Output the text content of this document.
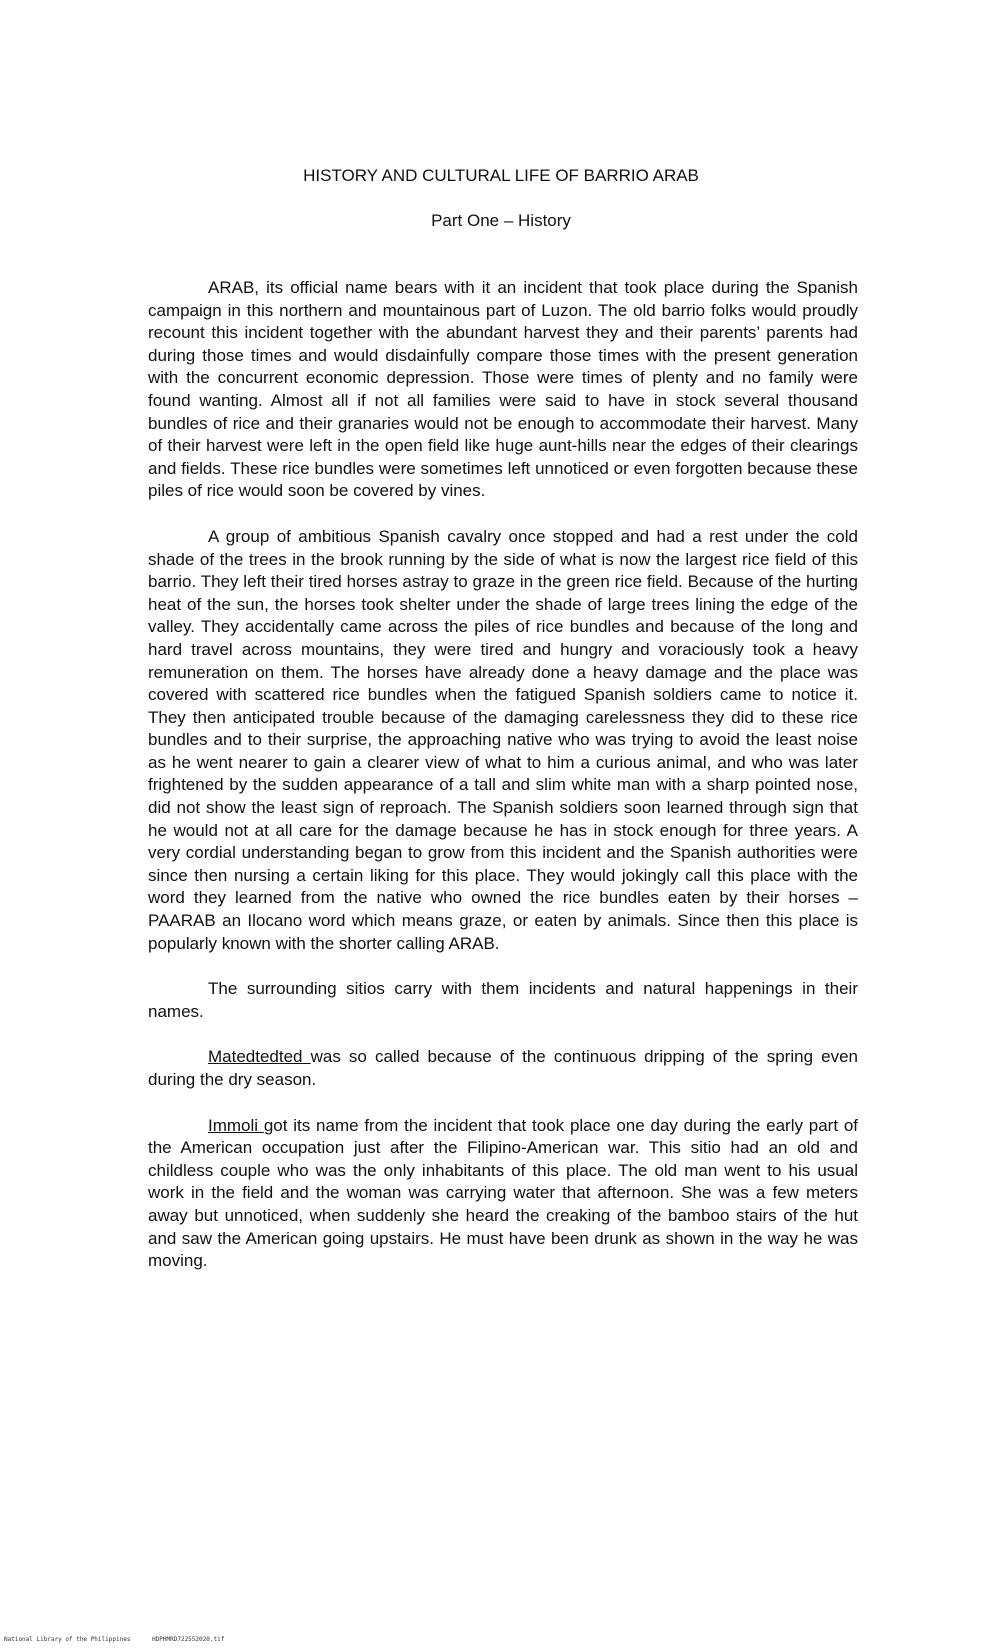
HISTORY AND CULTURAL LIFE OF BARRIO ARAB
Part One – History

ARAB, its official name bears with it an incident that took place during the Spanish campaign in this northern and mountainous part of Luzon. The old barrio folks would proudly recount this incident together with the abundant harvest they and their parents’ parents had during those times and would disdainfully compare those times with the present generation with the concurrent economic depression. Those were times of plenty and no family were found wanting. Almost all if not all families were said to have in stock several thousand bundles of rice and their granaries would not be enough to accommodate their harvest. Many of their harvest were left in the open field like huge aunt-hills near the edges of their clearings and fields. These rice bundles were sometimes left unnoticed or even forgotten because these piles of rice would soon be covered by vines.

A group of ambitious Spanish cavalry once stopped and had a rest under the cold shade of the trees in the brook running by the side of what is now the largest rice field of this barrio. They left their tired horses astray to graze in the green rice field. Because of the hurting heat of the sun, the horses took shelter under the shade of large trees lining the edge of the valley. They accidentally came across the piles of rice bundles and because of the long and hard travel across mountains, they were tired and hungry and voraciously took a heavy remuneration on them. The horses have already done a heavy damage and the place was covered with scattered rice bundles when the fatigued Spanish soldiers came to notice it. They then anticipated trouble because of the damaging carelessness they did to these rice bundles and to their surprise, the approaching native who was trying to avoid the least noise as he went nearer to gain a clearer view of what to him a curious animal, and who was later frightened by the sudden appearance of a tall and slim white man with a sharp pointed nose, did not show the least sign of reproach. The Spanish soldiers soon learned through sign that he would not at all care for the damage because he has in stock enough for three years. A very cordial understanding began to grow from this incident and the Spanish authorities were since then nursing a certain liking for this place. They would jokingly call this place with the word they learned from the native who owned the rice bundles eaten by their horses – PAARAB an Ilocano word which means graze, or eaten by animals. Since then this place is popularly known with the shorter calling ARAB.

The surrounding sitios carry with them incidents and natural happenings in their names.

Matedtedted was so called because of the continuous dripping of the spring even during the dry season.

Immoli got its name from the incident that took place one day during the early part of the American occupation just after the Filipino-American war. This sitio had an old and childless couple who was the only inhabitants of this place. The old man went to his usual work in the field and the woman was carrying water that afternoon. She was a few meters away but unnoticed, when suddenly she heard the creaking of the bamboo stairs of the hut and saw the American going upstairs. He must have been drunk as shown in the way he was moving.

National Library of the Philippines	HDPHMRD722552020.tif
